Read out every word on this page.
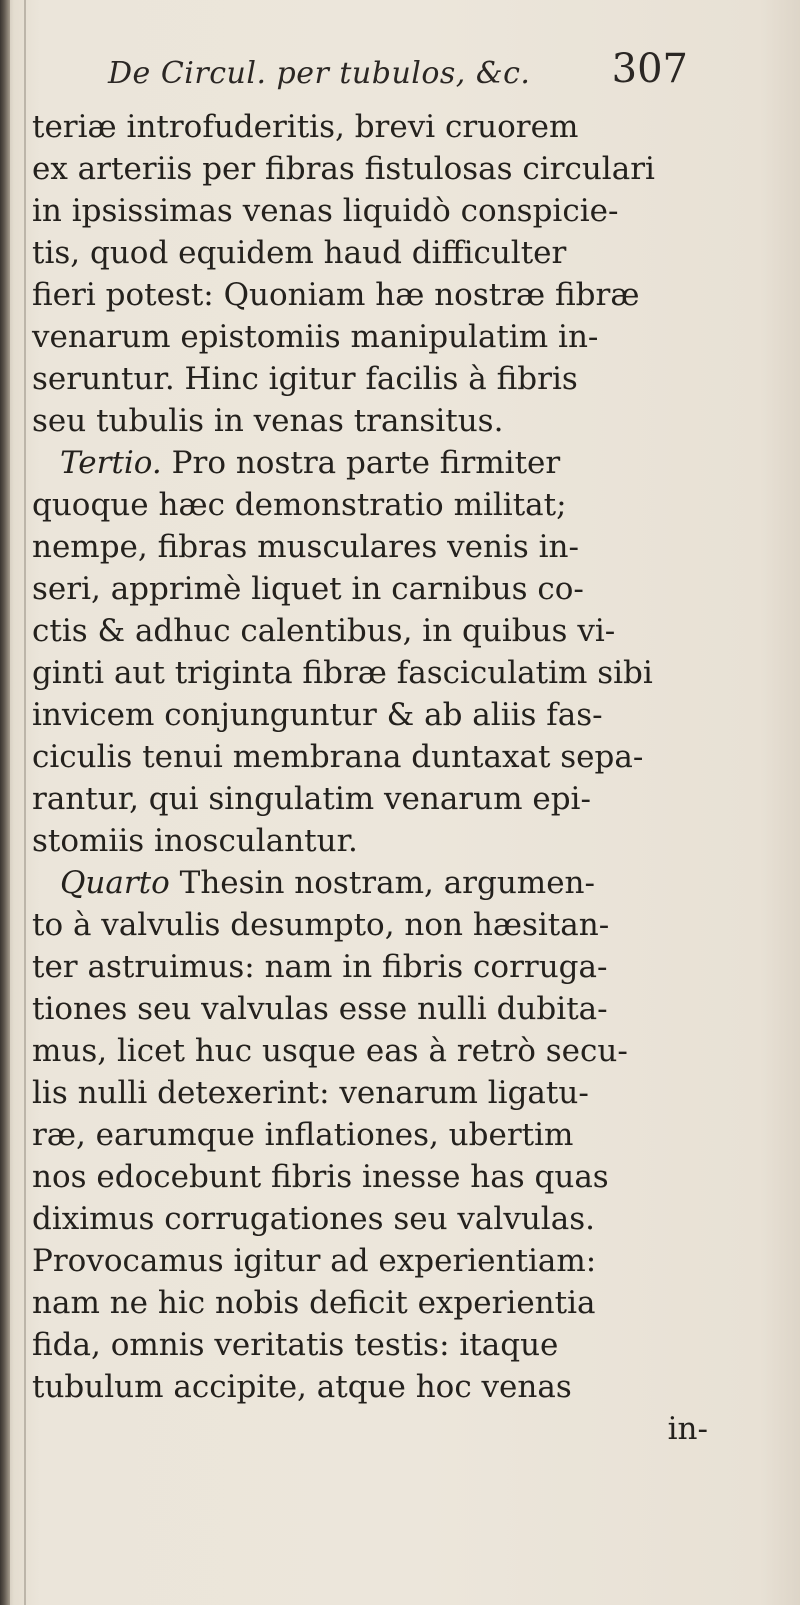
De Circul. per tubulos, &c. 307
teriæ introfuderitis, brevi cruorem
ex arteriis per fibras fistulosas circulari
in ipsissimas venas liquidò conspicie-
tis, quod equidem haud difficulter
fieri potest: Quoniam hæ nostræ fibræ
venarum epistomiis manipulatim in-
seruntur. Hinc igitur facilis à fibris
seu tubulis in venas transitus.
Tertio. Pro nostra parte firmiter
quoque hæc demonstratio militat;
nempe, fibras musculares venis in-
seri, apprimè liquet in carnibus co-
ctis & adhuc calentibus, in quibus vi-
ginti aut triginta fibræ fasciculatim sibi
invicem conjunguntur & ab aliis fas-
ciculis tenui membrana duntaxat sepa-
rantur, qui singulatim venarum epi-
stomiis inosculantur.
Quarto Thesin nostram, argumen-
to à valvulis desumpto, non hæsitan-
ter astruimus: nam in fibris corruga-
tiones seu valvulas esse nulli dubita-
mus, licet huc usque eas à retrò secu-
lis nulli detexerint: venarum ligatu-
ræ, earumque inflationes, ubertim
nos edocebunt fibris inesse has quas
diximus corrugationes seu valvulas.
Provocamus igitur ad experientiam:
nam ne hic nobis deficit experientia
fida, omnis veritatis testis: itaque
tubulum accipite, atque hoc venas
in-
